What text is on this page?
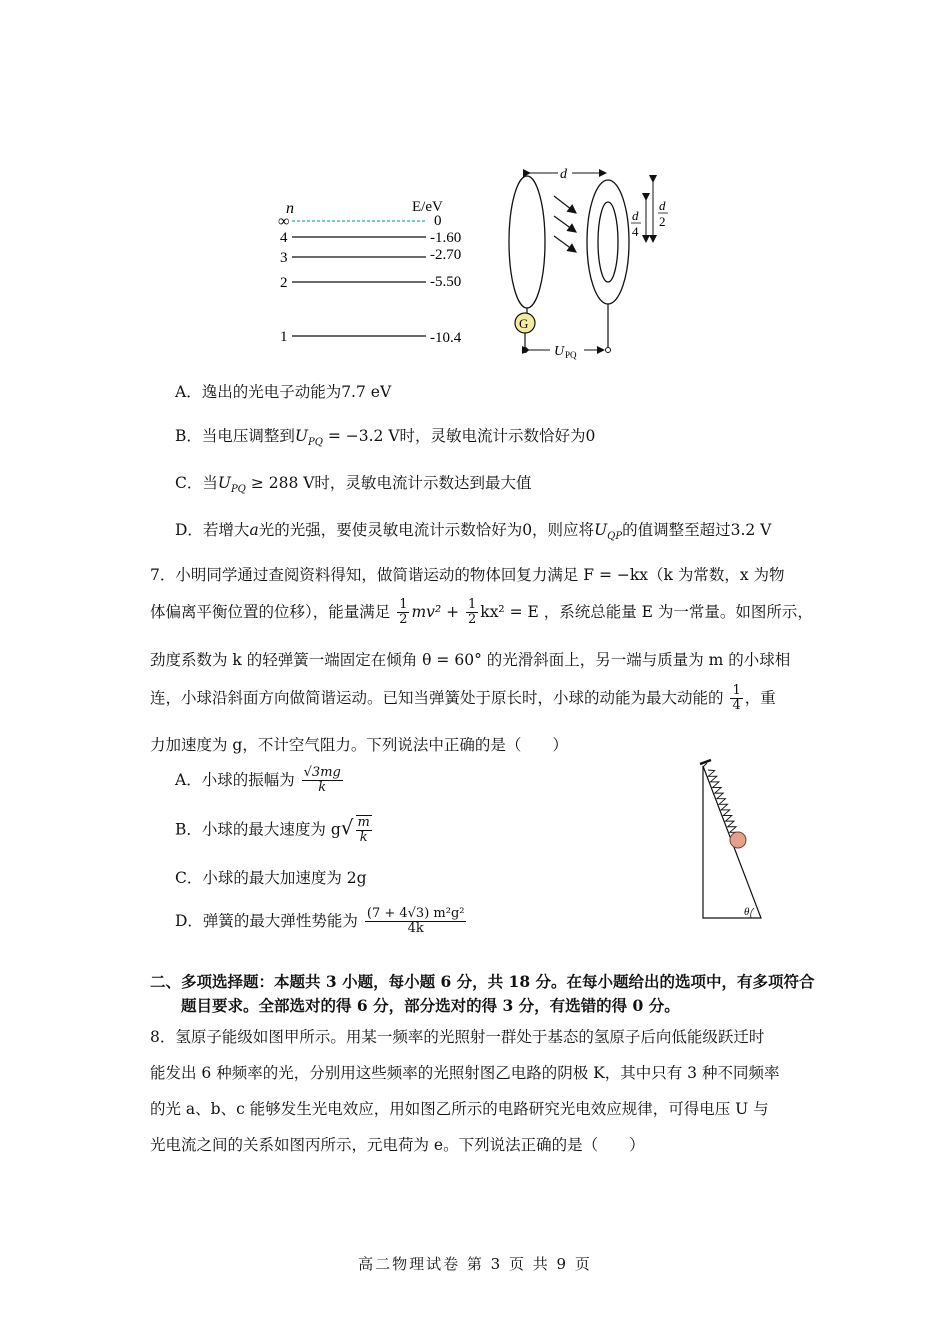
n	E/eV
∞	0
4	-1.60
3	-2.70
2	-5.50
1	-10.4
d
G
d
4
d
2
U PQ
A．逸出的光电子动能为7.7 eV
B．当电压调整到$U_{PQ} = -3.2$ V时，灵敏电流计示数恰好为0
C．当$U_{PQ} \ge 288$ V时，灵敏电流计示数达到最大值
D．若增大a光的光强，要使灵敏电流计示数恰好为0，则应将$U_{QP}$的值调整至超过3.2 V
7．小明同学通过查阅资料得知，做简谐运动的物体回复力满足 F = −kx（k 为常数，x 为物
体偏离平衡位置的位移），能量满足 $\frac{1}{2} mv^2 + \frac{1}{2} kx^2 = E$ ，系统总能量 E 为一常量。如图所示，
劲度系数为 k 的轻弹簧一端固定在倾角 θ = 60° 的光滑斜面上，另一端与质量为 m 的小球相
连，小球沿斜面方向做简谐运动。已知当弹簧处于原长时，小球的动能为最大动能的 $\frac{1}{4}$ ，重
力加速度为 g，不计空气阻力。下列说法中正确的是（　　）
A．小球的振幅为 $\frac{√3mg}{k}$
B．小球的最大速度为 $g√ \frac{m}{k}$
C．小球的最大加速度为 2g
D．弹簧的最大弹性势能为 $\frac{\text{(7 + 4√3) m²g²}}{4k}$	θ
二、多项选择题：本题共 3 小题，每小题 6 分，共 18 分。在每小题给出的选项中，有多项符合
题目要求。全部选对的得 6 分，部分选对的得 3 分，有选错的得 0 分。
8．氢原子能级如图甲所示。用某一频率的光照射一群处于基态的氢原子后向低能级跃迁时
能发出 6 种频率的光，分别用这些频率的光照射图乙电路的阴极 K，其中只有 3 种不同频率
的光 a、b、c 能够发生光电效应，用如图乙所示的电路研究光电效应规律，可得电压 U 与
光电流之间的关系如图丙所示，元电荷为 e。下列说法正确的是（　　）
高二物理试卷 第 3 页 共 9 页
